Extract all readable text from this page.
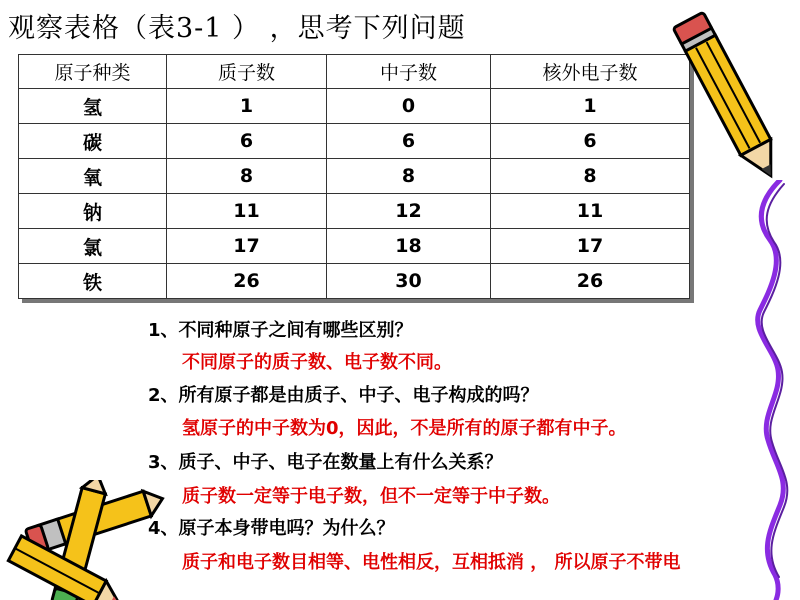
观察表格（表3-1 ） ，思考下列问题
原子种类	质子数	中子数	核外电子数
氢	1	0	1
碳	6	6	6
氧	8	8	8
钠	11	12	11
氯	17	18	17
铁	26	30	26
1、不同种原子之间有哪些区别？
不同原子的质子数、电子数不同。
2、所有原子都是由质子、中子、电子构成的吗？
氢原子的中子数为0，因此，不是所有的原子都有中子。
3、质子、中子、电子在数量上有什么关系？
质子数一定等于电子数，但不一定等于中子数。
4、原子本身带电吗？为什么？
质子和电子数目相等、电性相反，互相抵消 ， 所以原子不带电
